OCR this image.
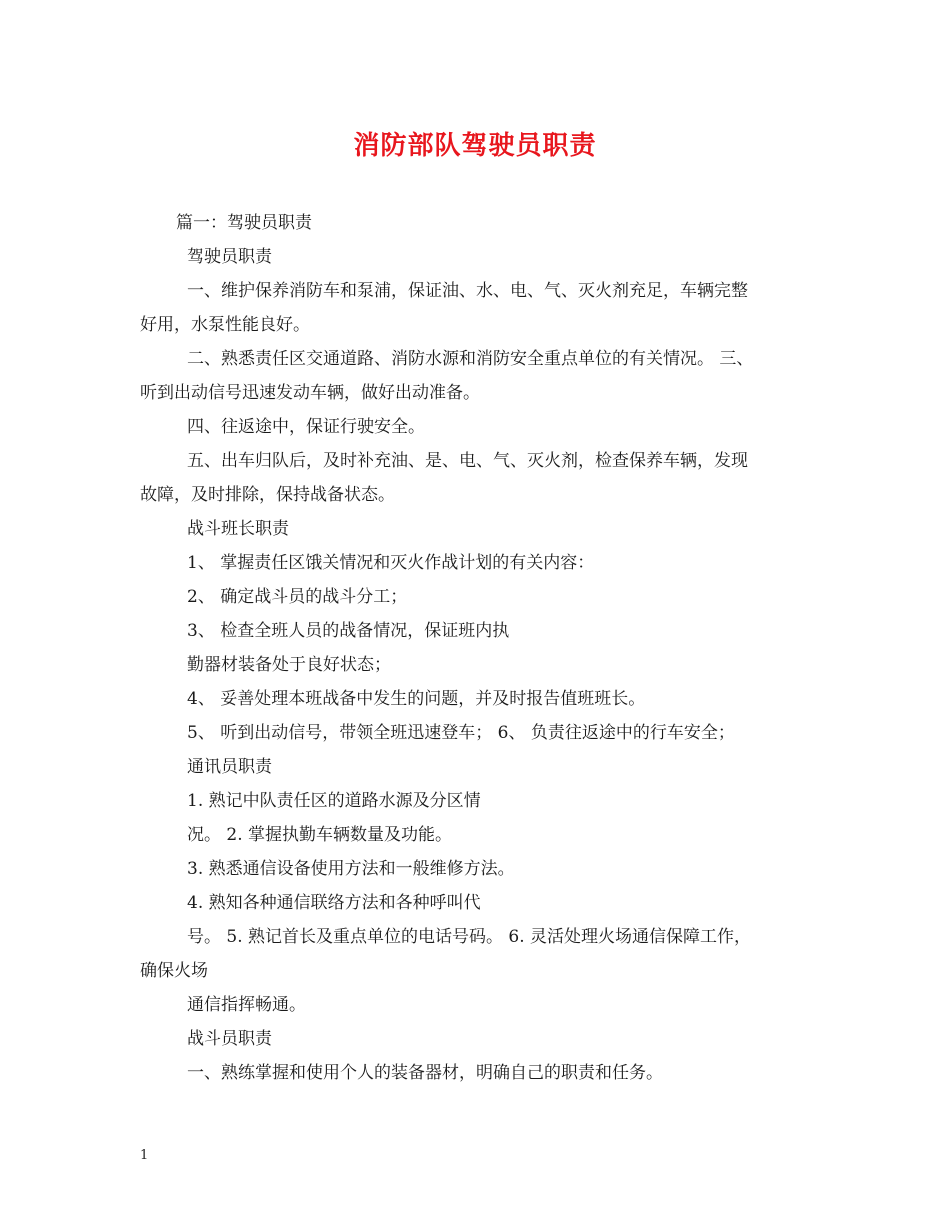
消防部队驾驶员职责
篇一：驾驶员职责
驾驶员职责
一、维护保养消防车和泵浦，保证油、水、电、气、灭火剂充足，车辆完整
好用，水泵性能良好。
二、熟悉责任区交通道路、消防水源和消防安全重点单位的有关情况。 三、
听到出动信号迅速发动车辆，做好出动准备。
四、往返途中，保证行驶安全。
五、出车归队后，及时补充油、是、电、气、灭火剂，检查保养车辆，发现
故障，及时排除，保持战备状态。
战斗班长职责
1、 掌握责任区饿关情况和灭火作战计划的有关内容：
2、 确定战斗员的战斗分工；
3、 检查全班人员的战备情况，保证班内执
勤器材装备处于良好状态；
4、 妥善处理本班战备中发生的问题，并及时报告值班班长。
5、 听到出动信号，带领全班迅速登车； 6、 负责往返途中的行车安全；
通讯员职责
1. 熟记中队责任区的道路水源及分区情
况。 2. 掌握执勤车辆数量及功能。
3. 熟悉通信设备使用方法和一般维修方法。
4. 熟知各种通信联络方法和各种呼叫代
号。 5. 熟记首长及重点单位的电话号码。 6. 灵活处理火场通信保障工作，
确保火场
通信指挥畅通。
战斗员职责
一、熟练掌握和使用个人的装备器材，明确自己的职责和任务。
1
